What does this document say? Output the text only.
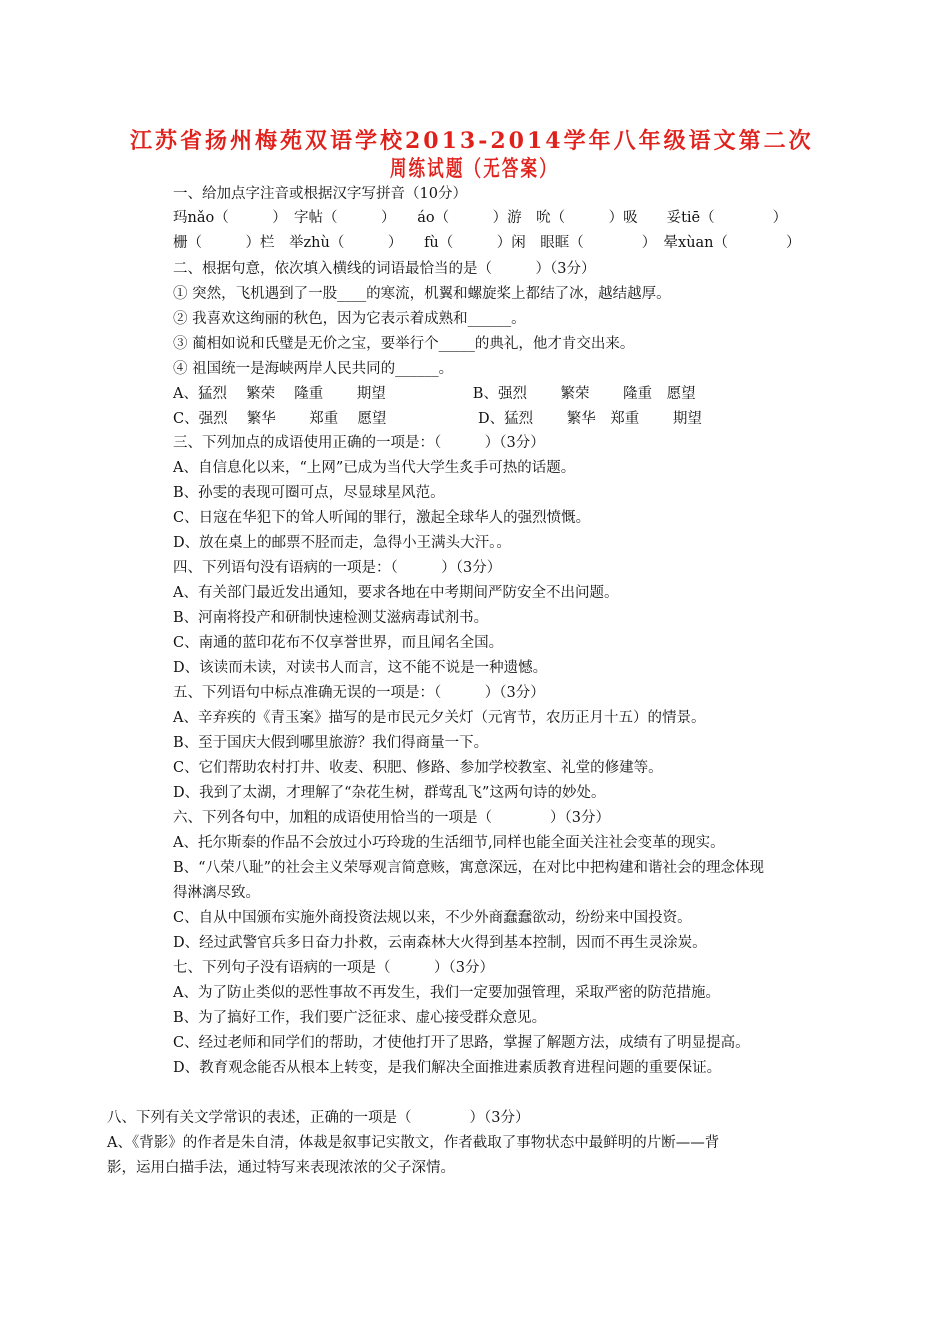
江苏省扬州梅苑双语学校2013-2014学年八年级语文第二次
周练试题（无答案）
一、给加点字注音或根据汉字写拼音（10分）
玛nǎo（　　　）　字帖（　　　）　　áo（　　　）游　吮（　　　）吸　　妥tiē（　　　　）
栅（　　　）栏　举zhù（　　　）　　fù（　　　）闲　眼眶（　　　　）　晕xùan（　　　　）
二、根据句意，依次填入横线的词语最恰当的是（　　　）（3分）
① 突然，飞机遇到了一股____的寒流，机翼和螺旋桨上都结了冰，越结越厚。
② 我喜欢这绚丽的秋色，因为它表示着成熟和______。
③ 蔺相如说和氏璧是无价之宝，要举行个_____的典礼，他才肯交出来。
④ 祖国统一是海峡两岸人民共同的______。
A、猛烈　 繁荣　 隆重　　 期望　　　　　　B、强烈　　 繁荣　　 隆重　愿望
C、强烈　 繁华　　 郑重　 愿望　　　　　　 D、猛烈　　 繁华　郑重　　 期望
三、下列加点的成语使用正确的一项是：（　　　）（3分）
A、自信息化以来，“上网”已成为当代大学生炙手可热的话题。
B、孙雯的表现可圈可点，尽显球星风范。
C、日寇在华犯下的耸人听闻的罪行，激起全球华人的强烈愤慨。
D、放在桌上的邮票不胫而走，急得小王满头大汗。。
四、下列语句没有语病的一项是：（　　　）（3分）
A、有关部门最近发出通知，要求各地在中考期间严防安全不出问题。
B、河南将投产和研制快速检测艾滋病毒试剂书。
C、南通的蓝印花布不仅享誉世界，而且闻名全国。
D、该读而未读，对读书人而言，这不能不说是一种遗憾。
五、下列语句中标点准确无误的一项是：（　　　）（3分）
A、辛弃疾的《青玉案》描写的是市民元夕关灯（元宵节，农历正月十五）的情景。
B、至于国庆大假到哪里旅游？我们得商量一下。
C、它们帮助农村打井、收麦、积肥、修路、参加学校教室、礼堂的修建等。
D、我到了太湖，才理解了“杂花生树，群莺乱飞”这两句诗的妙处。
六、下列各句中，加粗的成语使用恰当的一项是（　　　　）（3分）
A、托尔斯泰的作品不会放过小巧玲珑的生活细节,同样也能全面关注社会变革的现实。
B、“八荣八耻”的社会主义荣辱观言简意赅，寓意深远，在对比中把构建和谐社会的理念体现
得淋漓尽致。
C、自从中国颁布实施外商投资法规以来，不少外商蠢蠢欲动，纷纷来中国投资。
D、经过武警官兵多日奋力扑救，云南森林大火得到基本控制，因而不再生灵涂炭。
七、下列句子没有语病的一项是（　　　）（3分）
A、为了防止类似的恶性事故不再发生，我们一定要加强管理，采取严密的防范措施。
B、为了搞好工作，我们要广泛征求、虚心接受群众意见。
C、经过老师和同学们的帮助，才使他打开了思路，掌握了解题方法，成绩有了明显提高。
D、教育观念能否从根本上转变，是我们解决全面推进素质教育进程问题的重要保证。
八、下列有关文学常识的表述，正确的一项是（　　　　）（3分）
A、《背影》的作者是朱自清，体裁是叙事记实散文，作者截取了事物状态中最鲜明的片断——背
影，运用白描手法，通过特写来表现浓浓的父子深情。
